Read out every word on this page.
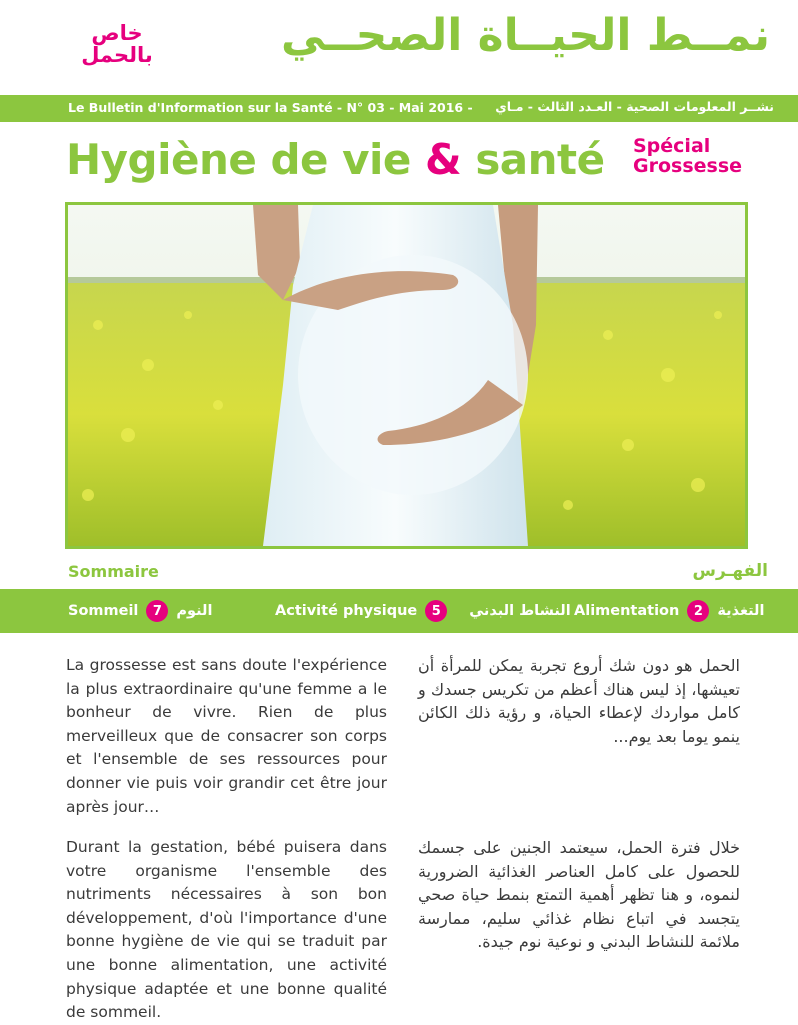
خاص
بالحمل	نمــط الحيــاة الصحــي
Le Bulletin d'Information sur la Santé - N° 03 - Mai 2016 - نشــر المعلومات الصحية - العـدد الثالث - مـاي
Hygiène de vie & santé Spécial
Grossesse
Sommaire	الفهـرس
Sommeil	7 النوم	Activité physique	5	النشاط البدني Alimentation	2 التغذية
La grossesse est sans doute l'expérience la plus extraordinaire qu'une femme a le bonheur de vivre. Rien de plus merveilleux que de consacrer son corps et l'ensemble de ses ressources pour donner vie puis voir grandir cet être jour après jour…
Durant la gestation, bébé puisera dans votre organisme l'ensemble des nutriments nécessaires à son bon développement, d'où l'importance d'une bonne hygiène de vie qui se traduit par une bonne alimentation, une activité physique adaptée et une bonne qualité de sommeil.
الحمل هو دون شك أروع تجربة يمكن للمرأة أن تعيشها، إذ ليس هناك أعظم من تكريس جسدك و كامل مواردك لإعطاء الحياة، و رؤية ذلك الكائن ينمو يوما بعد يوم...
خلال فترة الحمل، سيعتمد الجنين على جسمك للحصول على كامل العناصر الغذائية الضرورية لنموه، و هنا تظهر أهمية التمتع بنمط حياة صحي يتجسد في اتباع نظام غذائي سليم، ممارسة ملائمة للنشاط البدني و نوعية نوم جيدة.
